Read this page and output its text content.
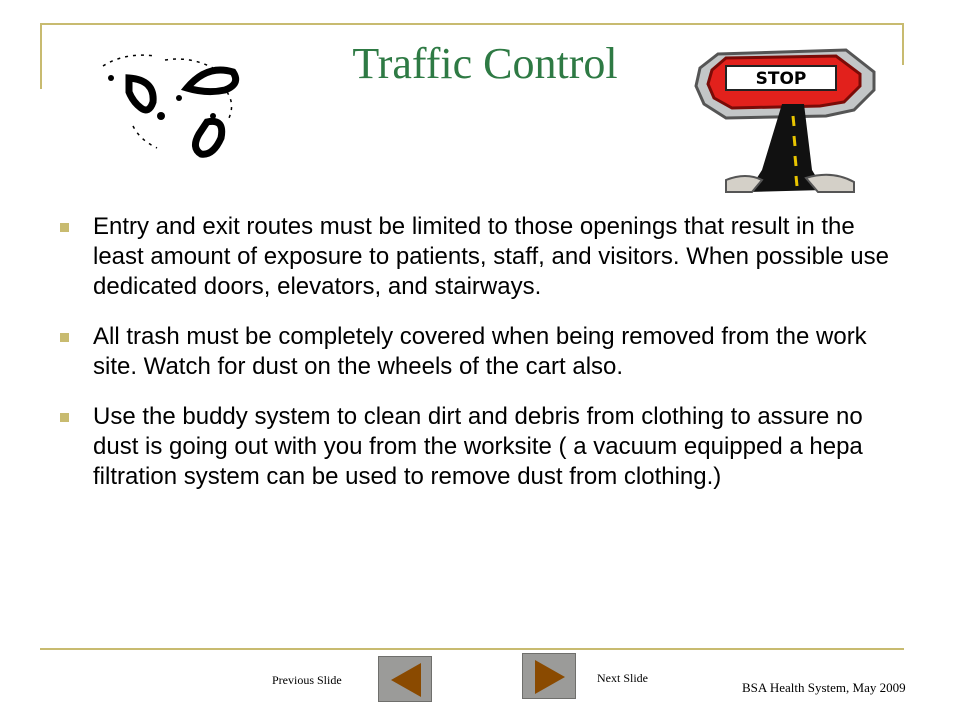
Traffic Control	STOP
Entry and exit routes must be limited to those openings that result in the least amount of exposure to patients, staff, and visitors. When possible use dedicated doors, elevators, and stairways.
All trash must be completely covered when being removed from the work site. Watch for dust on the wheels of the cart also.
Use the buddy system to clean dirt and debris from clothing to assure no dust is going out with you from the worksite ( a vacuum equipped a hepa filtration system can be used to remove dust from clothing.)
Previous Slide	Next Slide
BSA Health System, May 2009
